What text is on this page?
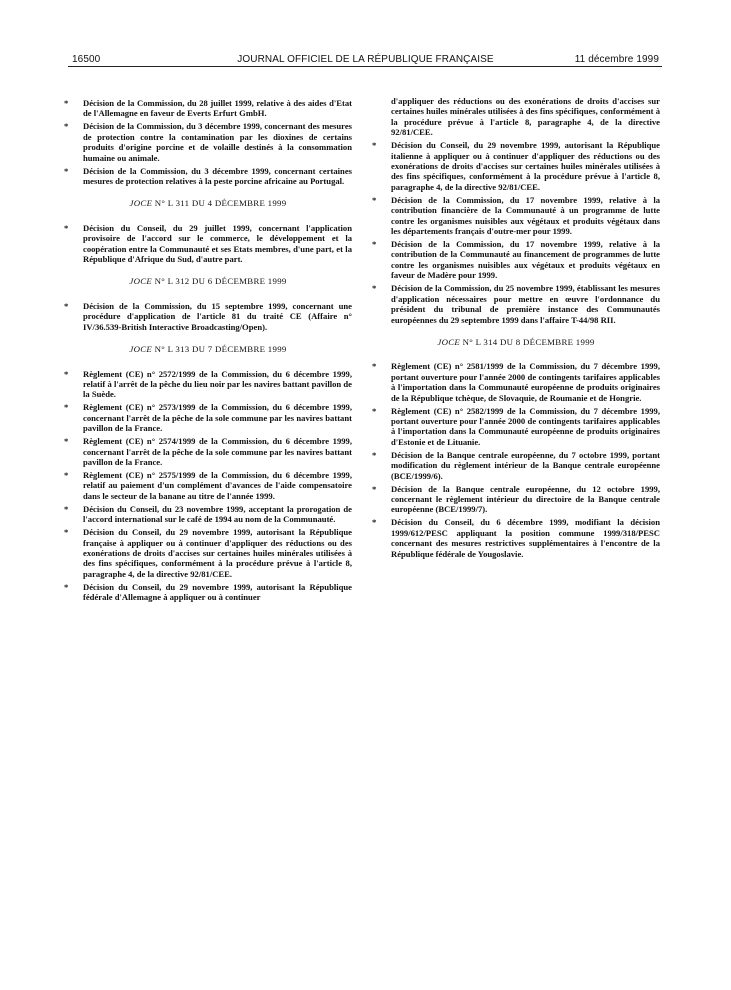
16500	JOURNAL OFFICIEL DE LA RÉPUBLIQUE FRANÇAISE	11 décembre 1999
* Décision de la Commission, du 28 juillet 1999, relative à des aides d'Etat de l'Allemagne en faveur de Everts Erfurt GmbH.
* Décision de la Commission, du 3 décembre 1999, concernant des mesures de protection contre la contamination par les dioxines de certains produits d'origine porcine et de volaille destinés à la consommation humaine ou animale.
* Décision de la Commission, du 3 décembre 1999, concernant certaines mesures de protection relatives à la peste porcine africaine au Portugal.
JOCE N° L 311 DU 4 DÉCEMBRE 1999
* Décision du Conseil, du 29 juillet 1999, concernant l'application provisoire de l'accord sur le commerce, le développement et la coopération entre la Communauté et ses Etats membres, d'une part, et la République d'Afrique du Sud, d'autre part.
JOCE N° L 312 DU 6 DÉCEMBRE 1999
* Décision de la Commission, du 15 septembre 1999, concernant une procédure d'application de l'article 81 du traité CE (Affaire n° IV/36.539-British Interactive Broadcasting/Open).
JOCE N° L 313 DU 7 DÉCEMBRE 1999
* Règlement (CE) n° 2572/1999 de la Commission, du 6 décembre 1999, relatif à l'arrêt de la pêche du lieu noir par les navires battant pavillon de la Suède.
* Règlement (CE) n° 2573/1999 de la Commission, du 6 décembre 1999, concernant l'arrêt de la pêche de la sole commune par les navires battant pavillon de la France.
* Règlement (CE) n° 2574/1999 de la Commission, du 6 décembre 1999, concernant l'arrêt de la pêche de la sole commune par les navires battant pavillon de la France.
* Règlement (CE) n° 2575/1999 de la Commission, du 6 décembre 1999, relatif au paiement d'un complément d'avances de l'aide compensatoire dans le secteur de la banane au titre de l'année 1999.
* Décision du Conseil, du 23 novembre 1999, acceptant la prorogation de l'accord international sur le café de 1994 au nom de la Communauté.
* Décision du Conseil, du 29 novembre 1999, autorisant la République française à appliquer ou à continuer d'appliquer des réductions ou des exonérations de droits d'accises sur certaines huiles minérales utilisées à des fins spécifiques, conformément à la procédure prévue à l'article 8, paragraphe 4, de la directive 92/81/CEE.
* Décision du Conseil, du 29 novembre 1999, autorisant la République fédérale d'Allemagne à appliquer ou à continuer
d'appliquer des réductions ou des exonérations de droits d'accises sur certaines huiles minérales utilisées à des fins spécifiques, conformément à la procédure prévue à l'article 8, paragraphe 4, de la directive 92/81/CEE.
* Décision du Conseil, du 29 novembre 1999, autorisant la République italienne à appliquer ou à continuer d'appliquer des réductions ou des exonérations de droits d'accises sur certaines huiles minérales utilisées à des fins spécifiques, conformément à la procédure prévue à l'article 8, paragraphe 4, de la directive 92/81/CEE.
* Décision de la Commission, du 17 novembre 1999, relative à la contribution financière de la Communauté à un programme de lutte contre les organismes nuisibles aux végétaux et produits végétaux dans les départements français d'outre-mer pour 1999.
* Décision de la Commission, du 17 novembre 1999, relative à la contribution de la Communauté au financement de programmes de lutte contre les organismes nuisibles aux végétaux et produits végétaux en faveur de Madère pour 1999.
* Décision de la Commission, du 25 novembre 1999, établissant les mesures d'application nécessaires pour mettre en œuvre l'ordonnance du président du tribunal de première instance des Communautés européennes du 29 septembre 1999 dans l'affaire T-44/98 RII.
JOCE N° L 314 DU 8 DÉCEMBRE 1999
* Règlement (CE) n° 2581/1999 de la Commission, du 7 décembre 1999, portant ouverture pour l'année 2000 de contingents tarifaires applicables à l'importation dans la Communauté européenne de produits originaires de la République tchèque, de Slovaquie, de Roumanie et de Hongrie.
* Règlement (CE) n° 2582/1999 de la Commission, du 7 décembre 1999, portant ouverture pour l'année 2000 de contingents tarifaires applicables à l'importation dans la Communauté européenne de produits originaires d'Estonie et de Lituanie.
* Décision de la Banque centrale européenne, du 7 octobre 1999, portant modification du règlement intérieur de la Banque centrale européenne (BCE/1999/6).
* Décision de la Banque centrale européenne, du 12 octobre 1999, concernant le règlement intérieur du directoire de la Banque centrale européenne (BCE/1999/7).
* Décision du Conseil, du 6 décembre 1999, modifiant la décision 1999/612/PESC appliquant la position commune 1999/318/PESC concernant des mesures restrictives supplémentaires à l'encontre de la République fédérale de Yougoslavie.
